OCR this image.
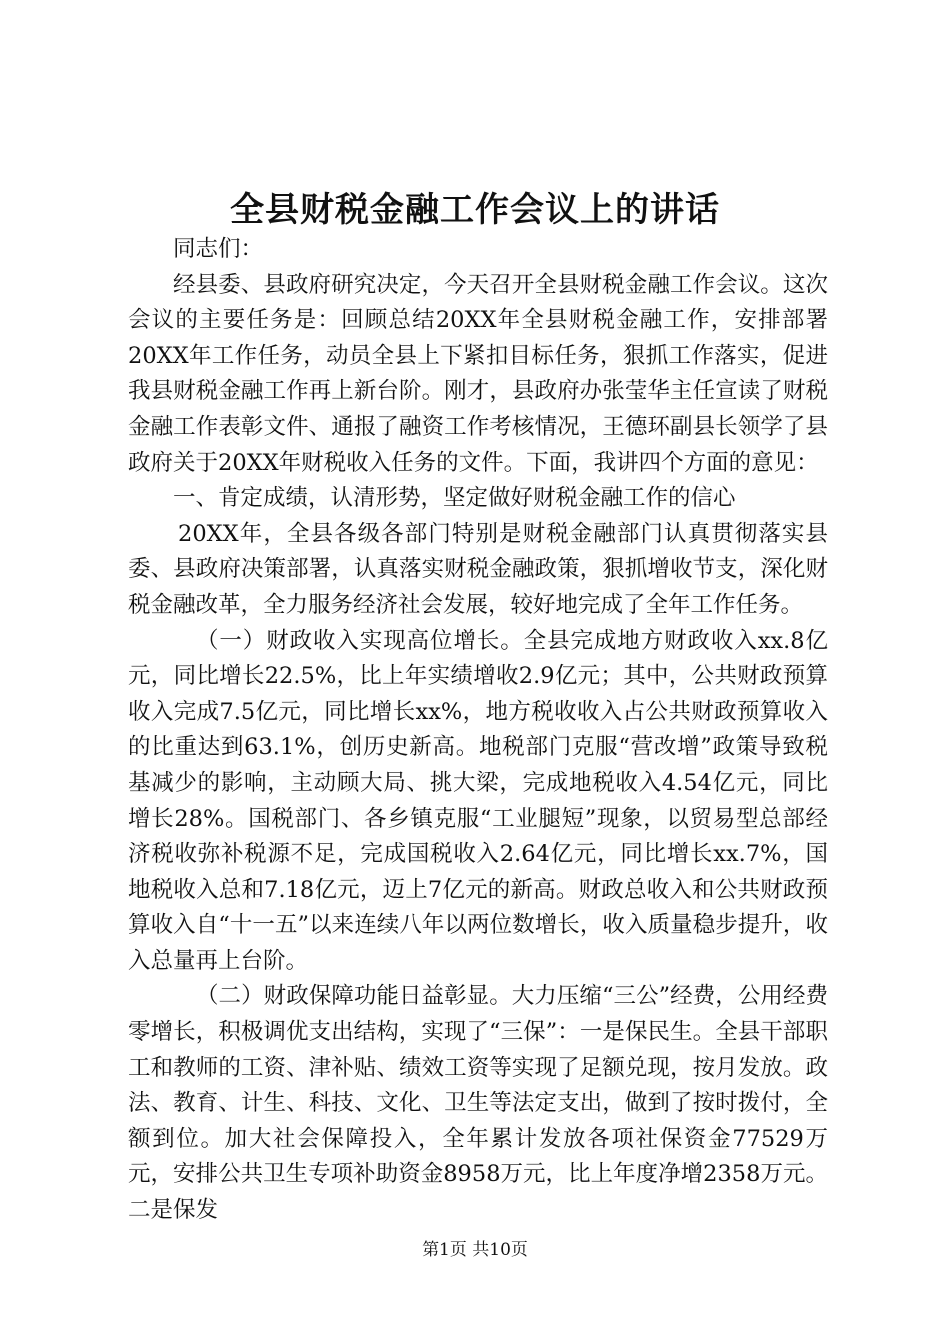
全县财税金融工作会议上的讲话

同志们：

经县委、县政府研究决定，今天召开全县财税金融工作会议。这次会议的主要任务是：回顾总结20XX年全县财税金融工作，安排部署20XX年工作任务，动员全县上下紧扣目标任务，狠抓工作落实，促进我县财税金融工作再上新台阶。刚才，县政府办张莹华主任宣读了财税金融工作表彰文件、通报了融资工作考核情况，王德环副县长领学了县政府关于20XX年财税收入任务的文件。下面，我讲四个方面的意见：

一、肯定成绩，认清形势，坚定做好财税金融工作的信心

20XX年，全县各级各部门特别是财税金融部门认真贯彻落实县委、县政府决策部署，认真落实财税金融政策，狠抓增收节支，深化财税金融改革，全力服务经济社会发展，较好地完成了全年工作任务。

（一）财政收入实现高位增长。全县完成地方财政收入xx.8亿元，同比增长22.5%，比上年实绩增收2.9亿元；其中，公共财政预算收入完成7.5亿元，同比增长xx%，地方税收收入占公共财政预算收入的比重达到63.1%，创历史新高。地税部门克服“营改增”政策导致税基减少的影响，主动顾大局、挑大梁，完成地税收入4.54亿元，同比增长28%。国税部门、各乡镇克服“工业腿短”现象，以贸易型总部经济税收弥补税源不足，完成国税收入2.64亿元，同比增长xx.7%，国地税收入总和7.18亿元，迈上7亿元的新高。财政总收入和公共财政预算收入自“十一五”以来连续八年以两位数增长，收入质量稳步提升，收入总量再上台阶。

（二）财政保障功能日益彰显。大力压缩“三公”经费，公用经费零增长，积极调优支出结构，实现了“三保”：一是保民生。全县干部职工和教师的工资、津补贴、绩效工资等实现了足额兑现，按月发放。政法、教育、计生、科技、文化、卫生等法定支出，做到了按时拨付，全额到位。加大社会保障投入，全年累计发放各项社保资金77529万元，安排公共卫生专项补助资金8958万元，比上年度净增2358万元。二是保发

第1页 共10页
